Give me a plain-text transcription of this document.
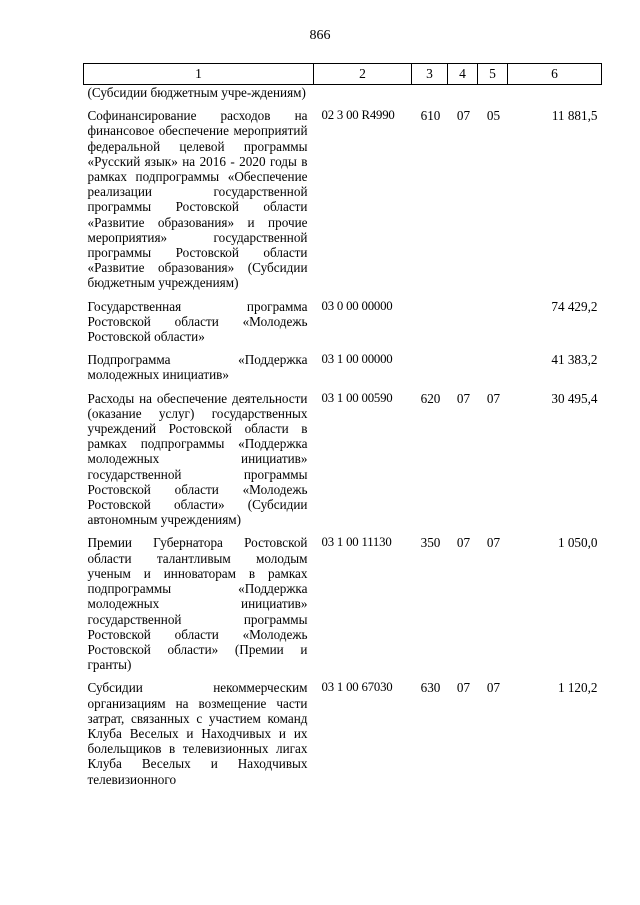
866
1	2	3	4	5	6
(Субсидии бюджетным учре-ждениям)					
Софинансирование расходов на финансовое обеспечение мероприятий федеральной целевой программы «Русский язык» на 2016 - 2020 годы в рамках подпрограммы «Обеспечение реализации государственной программы Ростовской области «Развитие образования» и прочие мероприятия» государственной программы Ростовской области «Развитие образования» (Субсидии бюджетным учреждениям)	02 3 00 R4990	610	07	05	11 881,5
Государственная программа Ростовской области «Молодежь Ростовской области»	03 0 00 00000				74 429,2
Подпрограмма «Поддержка молодежных инициатив»	03 1 00 00000				41 383,2
Расходы на обеспечение деятельности (оказание услуг) государственных учреждений Ростовской области в рамках подпрограммы «Поддержка молодежных инициатив» государственной программы Ростовской области «Молодежь Ростовской области» (Субсидии автономным учреждениям)	03 1 00 00590	620	07	07	30 495,4
Премии Губернатора Ростовской области талантливым молодым ученым и инноваторам в рамках подпрограммы «Поддержка молодежных инициатив» государственной программы Ростовской области «Молодежь Ростовской области» (Премии и гранты)	03 1 00 11130	350	07	07	1 050,0
Субсидии некоммерческим организациям на возмещение части затрат, связанных с участием команд Клуба Веселых и Находчивых и их болельщиков в телевизионных лигах Клуба Веселых и Находчивых телевизионного	03 1 00 67030	630	07	07	1 120,2
